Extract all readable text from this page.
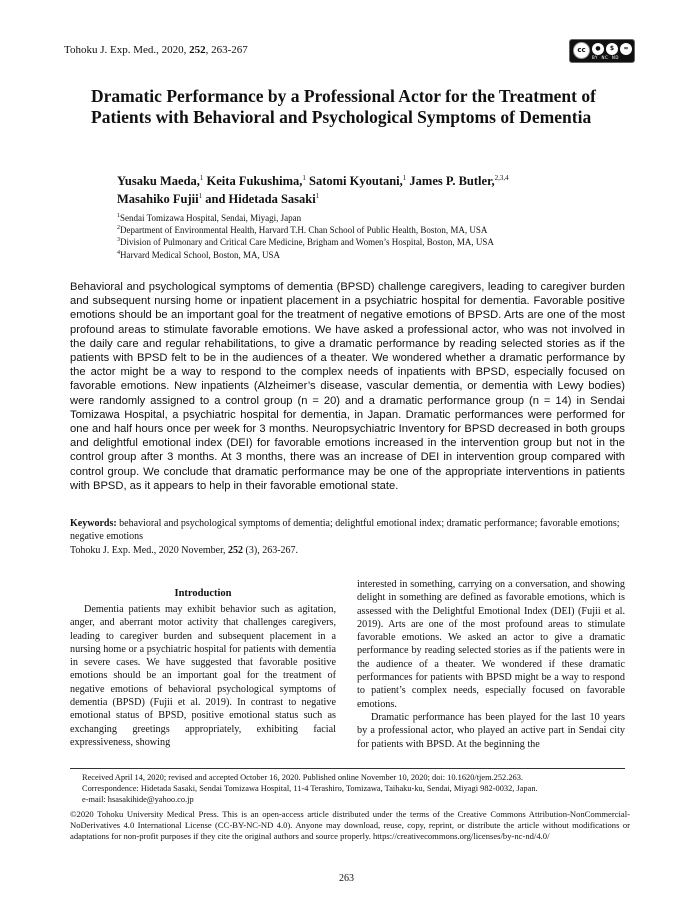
Tohoku J. Exp. Med., 2020, 252, 263-267	cc	●	$	=
BY NC ND
Dramatic Performance by a Professional Actor for the Treatment of Patients with Behavioral and Psychological Symptoms of Dementia
Yusaku Maeda,$^1$ Keita Fukushima,$^1$ Satomi Kyoutani,$^1$ James P. Butler,$^{2,3,4}$
Masahiko Fujii$^1$ and Hidetada Sasaki$^1$
$^1$Sendai Tomizawa Hospital, Sendai, Miyagi, Japan
$^2$Department of Environmental Health, Harvard T.H. Chan School of Public Health, Boston, MA, USA
$^3$Division of Pulmonary and Critical Care Medicine, Brigham and Women’s Hospital, Boston, MA, USA
$^4$Harvard Medical School, Boston, MA, USA

Behavioral and psychological symptoms of dementia (BPSD) challenge caregivers, leading to caregiver burden and subsequent nursing home or inpatient placement in a psychiatric hospital for dementia. Favorable positive emotions should be an important goal for the treatment of negative emotions of BPSD. Arts are one of the most profound areas to stimulate favorable emotions. We have asked a professional actor, who was not involved in the daily care and regular rehabilitations, to give a dramatic performance by reading selected stories as if the patients with BPSD felt to be in the audiences of a theater. We wondered whether a dramatic performance by the actor might be a way to respond to the complex needs of inpatients with BPSD, especially focused on favorable emotions. New inpatients (Alzheimer’s disease, vascular dementia, or dementia with Lewy bodies) were randomly assigned to a control group (n = 20) and a dramatic performance group (n = 14) in Sendai Tomizawa Hospital, a psychiatric hospital for dementia, in Japan. Dramatic performances were performed for one and half hours once per week for 3 months. Neuropsychiatric Inventory for BPSD decreased in both groups and delightful emotional index (DEI) for favorable emotions increased in the intervention group but not in the control group after 3 months. At 3 months, there was an increase of DEI in intervention group compared with control group. We conclude that dramatic performance may be one of the appropriate interventions in patients with BPSD, as it appears to help in their favorable emotional state.

Keywords: behavioral and psychological symptoms of dementia; delightful emotional index; dramatic performance; favorable emotions; negative emotions
Tohoku J. Exp. Med., 2020 November, 252 (3), 263-267.
Introduction

Dementia patients may exhibit behavior such as agitation, anger, and aberrant motor activity that challenges caregivers, leading to caregiver burden and subsequent placement in a nursing home or a psychiatric hospital for patients with dementia in severe cases. We have suggested that favorable positive emotions should be an important goal for the treatment of negative emotions of behavioral psychological symptoms of dementia (BPSD) (Fujii et al. 2019). In contrast to negative emotional status of BPSD, positive emotional status such as exchanging greetings appropriately, exhibiting facial expressiveness, showing

interested in something, carrying on a conversation, and showing delight in something are defined as favorable emotions, which is assessed with the Delightful Emotional Index (DEI) (Fujii et al. 2019). Arts are one of the most profound areas to stimulate favorable emotions. We asked an actor to give a dramatic performance by reading selected stories as if the patients were in the audience of a theater. We wondered if these dramatic performances for patients with BPSD might be a way to respond to patient’s complex needs, especially focused on favorable emotions.

Dramatic performance has been played for the last 10 years by a professional actor, who played an active part in Sendai city for patients with BPSD. At the beginning the

Received April 14, 2020; revised and accepted October 16, 2020. Published online November 10, 2020; doi: 10.1620/tjem.252.263.
Correspondence: Hidetada Sasaki, Sendai Tomizawa Hospital, 11-4 Terashiro, Tomizawa, Taihaku-ku, Sendai, Miyagi 982-0032, Japan.
e-mail: hsasakihide@yahoo.co.jp
©2020 Tohoku University Medical Press. This is an open-access article distributed under the terms of the Creative Commons Attribution-NonCommercial-NoDerivatives 4.0 International License (CC-BY-NC-ND 4.0). Anyone may download, reuse, copy, reprint, or distribute the article without modifications or adaptations for non-profit purposes if they cite the original authors and source properly. https://creativecommons.org/licenses/by-nc-nd/4.0/
263
